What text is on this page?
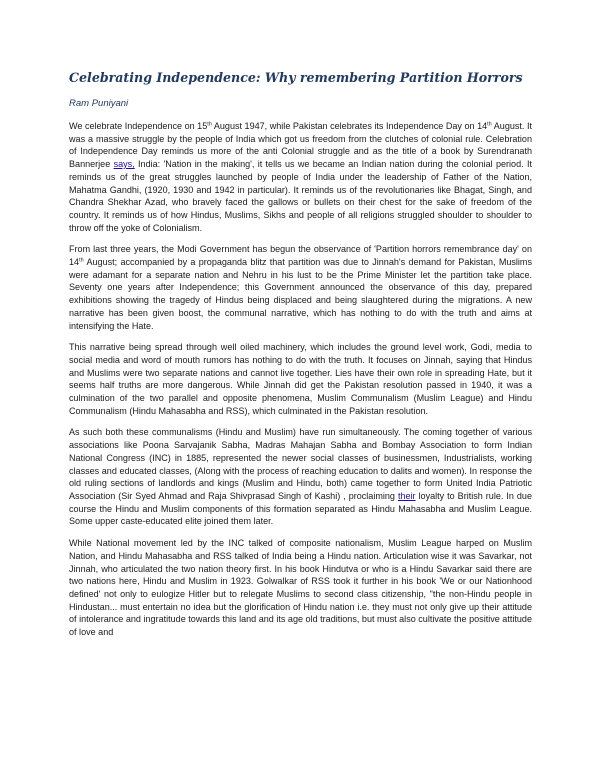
Celebrating Independence: Why remembering Partition Horrors
Ram Puniyani

We celebrate Independence on 15th August 1947, while Pakistan celebrates its Independence Day on 14th August. It was a massive struggle by the people of India which got us freedom from the clutches of colonial rule. Celebration of Independence Day reminds us more of the anti Colonial struggle and as the title of a book by Surendranath Bannerjee says, India: 'Nation in the making', it tells us we became an Indian nation during the colonial period. It reminds us of the great struggles launched by people of India under the leadership of Father of the Nation, Mahatma Gandhi, (1920, 1930 and 1942 in particular). It reminds us of the revolutionaries like Bhagat, Singh, and Chandra Shekhar Azad, who bravely faced the gallows or bullets on their chest for the sake of freedom of the country. It reminds us of how Hindus, Muslims, Sikhs and people of all religions struggled shoulder to shoulder to throw off the yoke of Colonialism.

From last three years, the Modi Government has begun the observance of 'Partition horrors remembrance day' on 14th August; accompanied by a propaganda blitz that partition was due to Jinnah's demand for Pakistan, Muslims were adamant for a separate nation and Nehru in his lust to be the Prime Minister let the partition take place. Seventy one years after Independence; this Government announced the observance of this day, prepared exhibitions showing the tragedy of Hindus being displaced and being slaughtered during the migrations. A new narrative has been given boost, the communal narrative, which has nothing to do with the truth and aims at intensifying the Hate.

This narrative being spread through well oiled machinery, which includes the ground level work, Godi, media to social media and word of mouth rumors has nothing to do with the truth. It focuses on Jinnah, saying that Hindus and Muslims were two separate nations and cannot live together. Lies have their own role in spreading Hate, but it seems half truths are more dangerous. While Jinnah did get the Pakistan resolution passed in 1940, it was a culmination of the two parallel and opposite phenomena, Muslim Communalism (Muslim League) and Hindu Communalism (Hindu Mahasabha and RSS), which culminated in the Pakistan resolution.

As such both these communalisms (Hindu and Muslim) have run simultaneously. The coming together of various associations like Poona Sarvajanik Sabha, Madras Mahajan Sabha and Bombay Association to form Indian National Congress (INC) in 1885, represented the newer social classes of businessmen, Industrialists, working classes and educated classes, (Along with the process of reaching education to dalits and women). In response the old ruling sections of landlords and kings (Muslim and Hindu, both) came together to form United India Patriotic Association (Sir Syed Ahmad and Raja Shivprasad Singh of Kashi) , proclaiming their loyalty to British rule. In due course the Hindu and Muslim components of this formation separated as Hindu Mahasabha and Muslim League. Some upper caste-educated elite joined them later.

While National movement led by the INC talked of composite nationalism, Muslim League harped on Muslim Nation, and Hindu Mahasabha and RSS talked of India being a Hindu nation. Articulation wise it was Savarkar, not Jinnah, who articulated the two nation theory first. In his book Hindutva or who is a Hindu Savarkar said there are two nations here, Hindu and Muslim in 1923. Golwalkar of RSS took it further in his book 'We or our Nationhood defined' not only to eulogize Hitler but to relegate Muslims to second class citizenship, "the non-Hindu people in Hindustan... must entertain no idea but the glorification of Hindu nation i.e. they must not only give up their attitude of intolerance and ingratitude towards this land and its age old traditions, but must also cultivate the positive attitude of love and
